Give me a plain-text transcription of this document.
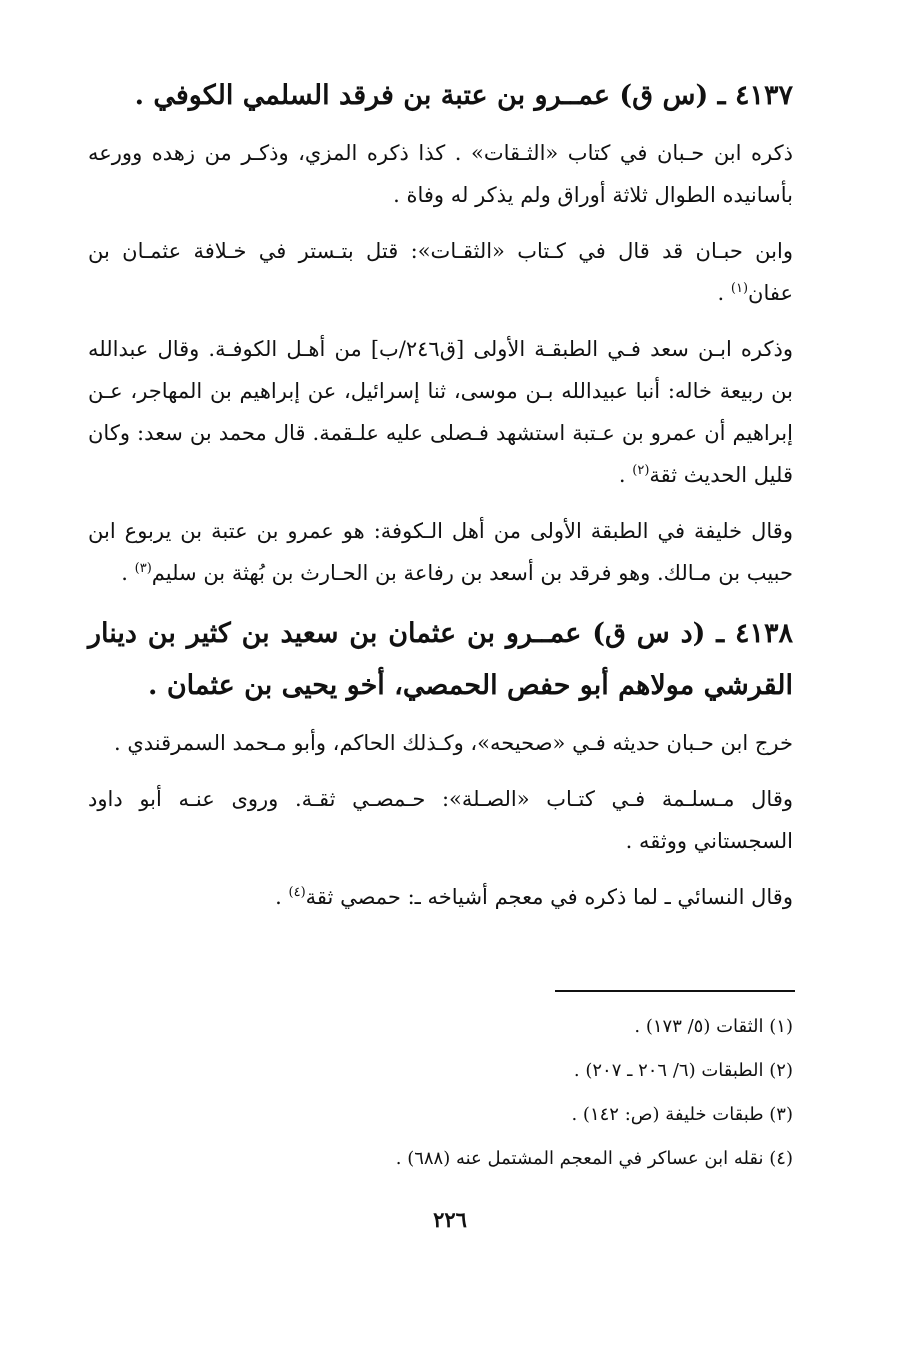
٤١٣٧ ـ (س ق) عمــرو بن عتبة بن فرقد السلمي الكوفي .

ذكره ابن حـبان في كتاب «الثـقات» . كذا ذكره المزي، وذكـر من زهده وورعه بأسانيده الطوال ثلاثة أوراق ولم يذكر له وفاة .

وابن حبـان قد قال في كـتاب «الثقـات»: قتل بتـستر في خـلافة عثمـان بن عفان$^{(١)}$ .

وذكره ابـن سعد فـي الطبقـة الأولى [ق٢٤٦/ب] من أهـل الكوفـة. وقال عبدالله بن ربيعة خاله: أنبا عبيدالله بـن موسى، ثنا إسرائيل، عن إبراهيم بن المهاجر، عـن إبراهيم أن عمرو بن عـتبة استشهد فـصلى عليه علـقمة. قال محمد بن سعد: وكان قليل الحديث ثقة$^{(٢)}$ .

وقال خليفة في الطبقة الأولى من أهل الـكوفة: هو عمرو بن عتبة بن يربوع ابن حبيب بن مـالك. وهو فرقد بن أسعد بن رفاعة بن الحـارث بن بُهثة بن سليم$^{(٣)}$ .

٤١٣٨ ـ (د س ق) عمــرو بن عثمان بن سعيد بن كثير بن دينار القرشي مولاهم أبو حفص الحمصي، أخو يحيى بن عثمان .

خرج ابن حـبان حديثه فـي «صحيحه»، وكـذلك الحاكم، وأبو مـحمد السمرقندي .

وقال مـسلـمة فـي كتـاب «الصـلة»: حـمصـي ثقـة. وروى عنـه أبو داود السجستاني ووثقه .

وقال النسائي ـ لما ذكره في معجم أشياخه ـ: حمصي ثقة$^{(٤)}$ .

(١) الثقات (٥/ ١٧٣) .

(٢) الطبقات (٦/ ٢٠٦ ـ ٢٠٧) .

(٣) طبقات خليفة (ص: ١٤٢) .

(٤) نقله ابن عساكر في المعجم المشتمل عنه (٦٨٨) .

٢٢٦
